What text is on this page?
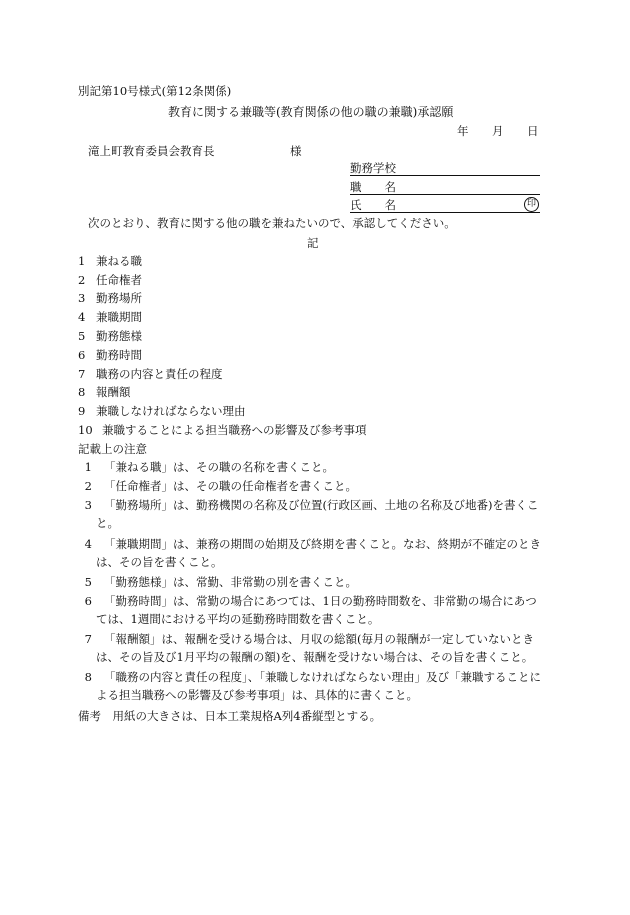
別記第10号様式(第12条関係)
教育に関する兼職等(教育関係の他の職の兼職)承認願
年 月 日
滝上町教育委員会教育長	様
勤務学校
職　　名
氏　　名	印
次のとおり、教育に関する他の職を兼ねたいので、承認してください。
記
1 兼ねる職
2 任命権者
3 勤務場所
4 兼職期間
5 勤務態様
6 勤務時間
7 職務の内容と責任の程度
8 報酬額
9 兼職しなければならない理由
10 兼職することによる担当職務への影響及び参考事項
記載上の注意
1 「兼ねる職」は、その職の名称を書くこと。
2 「任命権者」は、その職の任命権者を書くこと。
3 「勤務場所」は、勤務機関の名称及び位置(行政区画、土地の名称及び地番)を書くこ
と。
4 「兼職期間」は、兼務の期間の始期及び終期を書くこと。なお、終期が不確定のとき
は、その旨を書くこと。
5 「勤務態様」は、常勤、非常勤の別を書くこと。
6 「勤務時間」は、常勤の場合にあつては、1日の勤務時間数を、非常勤の場合にあつ
ては、1週間における平均の延勤務時間数を書くこと。
7 「報酬額」は、報酬を受ける場合は、月収の総額(毎月の報酬が一定していないとき
は、その旨及び1月平均の報酬の額)を、報酬を受けない場合は、その旨を書くこと。
8 「職務の内容と責任の程度」、「兼職しなければならない理由」及び「兼職することに
よる担当職務への影響及び参考事項」は、具体的に書くこと。
備考　用紙の大きさは、日本工業規格A列4番縦型とする。
